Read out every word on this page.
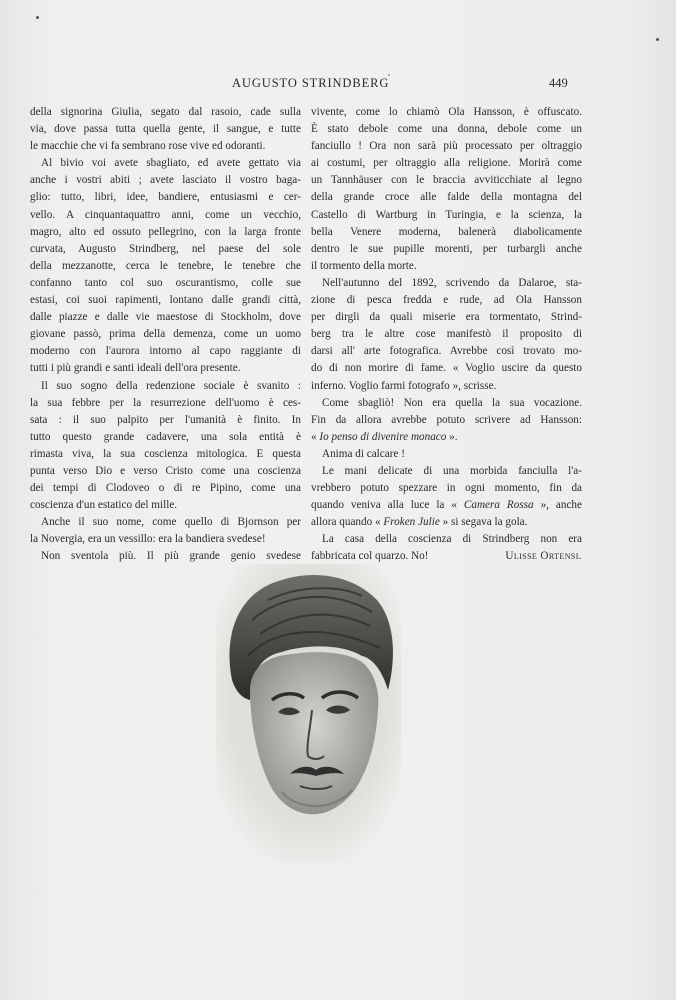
AUGUSTO STRINDBERG	449
della signorina Giulia, segato dal rasoio, cade sulla
via, dove passa tutta quella gente, il sangue, e tutte
le macchie che vi fa sembrano rose vive ed odoranti.
Al bivio voi avete sbagliato, ed avete gettato via
anche i vostri abiti ; avete lasciato il vostro baga-
glio: tutto, libri, idee, bandiere, entusiasmi e cer-
vello. A cinquantaquattro anni, come un vecchio,
magro, alto ed ossuto pellegrino, con la larga fronte
curvata, Augusto Strindberg, nel paese del sole
della mezzanotte, cerca le tenebre, le tenebre che
confanno tanto col suo oscurantismo, colle sue
estasi, coi suoi rapimenti, lontano dalle grandi città,
dalle piazze e dalle vie maestose di Stockholm, dove
giovane passò, prima della demenza, come un uomo
moderno con l'aurora intorno al capo raggiante di
tutti i più grandi e santi ideali dell'ora presente.
Il suo sogno della redenzione sociale è svanito :
la sua febbre per la resurrezione dell'uomo è ces-
sata : il suo palpito per l'umanità è finito. In
tutto questo grande cadavere, una sola entità è
rimasta viva, la sua coscienza mitologica. E questa
punta verso Dio e verso Cristo come una coscienza
dei tempi di Clodoveo o di re Pipino, come una
coscienza d'un estatico del mille.
Anche il suo nome, come quello di Bjornson per
la Novergia, era un vessillo: era la bandiera svedese!
Non sventola più. Il più grande genio svedese
vivente, come lo chiamò Ola Hansson, è offuscato.
È stato debole come una donna, debole come un
fanciullo ! Ora non sarà più processato per oltraggio
ai costumi, per oltraggio alla religione. Morirà come
un Tannhäuser con le braccia avviticchiate al legno
della grande croce alle falde della montagna del
Castello di Wartburg in Turingia, e la scienza, la
bella Venere moderna, balenerà diabolicamente
dentro le sue pupille morenti, per turbargli anche
il tormento della morte.
Nell'autunno del 1892, scrivendo da Dalaroe, sta-
zione di pesca fredda e rude, ad Ola Hansson
per dirgli da quali miserie era tormentato, Strind-
berg tra le altre cose manifestò il proposito di
darsi all' arte fotografica. Avrebbe così trovato mo-
do di non morire di fame. « Voglio uscire da questo
inferno. Voglio farmi fotografo », scrisse.
Come sbagliò! Non era quella la sua vocazione.
Fin da allora avrebbe potuto scrivere ad Hansson:
« Io penso di divenire monaco ».
Anima di calcare !
Le mani delicate di una morbida fanciulla l'a-
vrebbero potuto spezzare in ogni momento, fin da
quando veniva alla luce la « Camera Rossa », anche
allora quando « Froken Julie » si segava la gola.
La casa della coscienza di Strindberg non era
fabbricata col quarzo. No!	Ulisse Ortensi.
